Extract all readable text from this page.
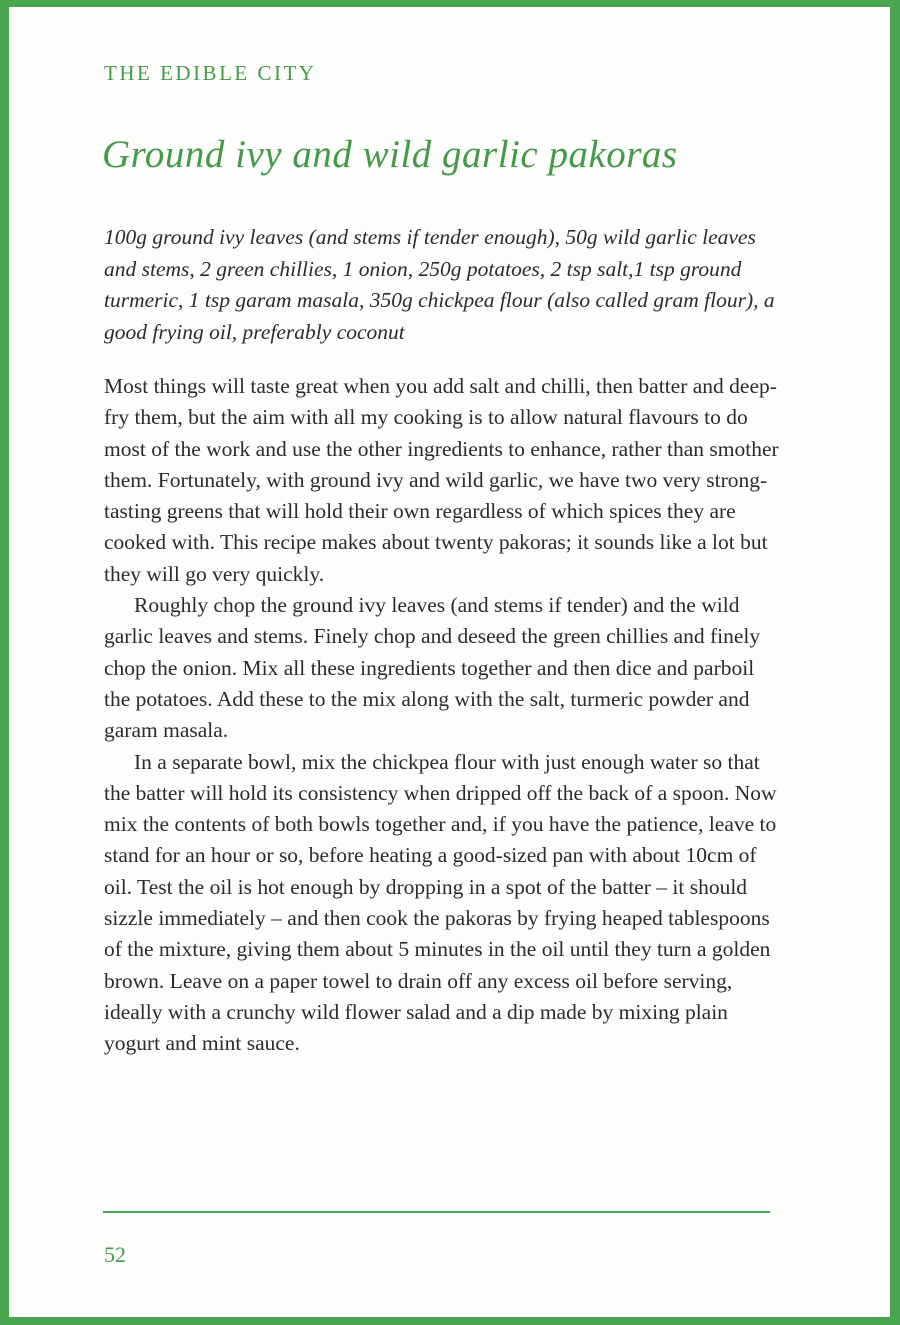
THE EDIBLE CITY
Ground ivy and wild garlic pakoras

100g ground ivy leaves (and stems if tender enough), 50g wild garlic leaves and stems, 2 green chillies, 1 onion, 250g potatoes, 2 tsp salt,1 tsp ground turmeric, 1 tsp garam masala, 350g chickpea flour (also called gram flour), a good frying oil, preferably coconut

Most things will taste great when you add salt and chilli, then batter and deep-fry them, but the aim with all my cooking is to allow natural flavours to do most of the work and use the other ingredients to enhance, rather than smother them. Fortunately, with ground ivy and wild garlic, we have two very strong-tasting greens that will hold their own regardless of which spices they are cooked with. This recipe makes about twenty pakoras; it sounds like a lot but they will go very quickly.

Roughly chop the ground ivy leaves (and stems if tender) and the wild garlic leaves and stems. Finely chop and deseed the green chillies and finely chop the onion. Mix all these ingredients together and then dice and parboil the potatoes. Add these to the mix along with the salt, turmeric powder and garam masala.

In a separate bowl, mix the chickpea flour with just enough water so that the batter will hold its consistency when dripped off the back of a spoon. Now mix the contents of both bowls together and, if you have the patience, leave to stand for an hour or so, before heating a good-sized pan with about 10cm of oil. Test the oil is hot enough by dropping in a spot of the batter – it should sizzle immediately – and then cook the pakoras by frying heaped tablespoons of the mixture, giving them about 5 minutes in the oil until they turn a golden brown. Leave on a paper towel to drain off any excess oil before serving, ideally with a crunchy wild flower salad and a dip made by mixing plain yogurt and mint sauce.

52
